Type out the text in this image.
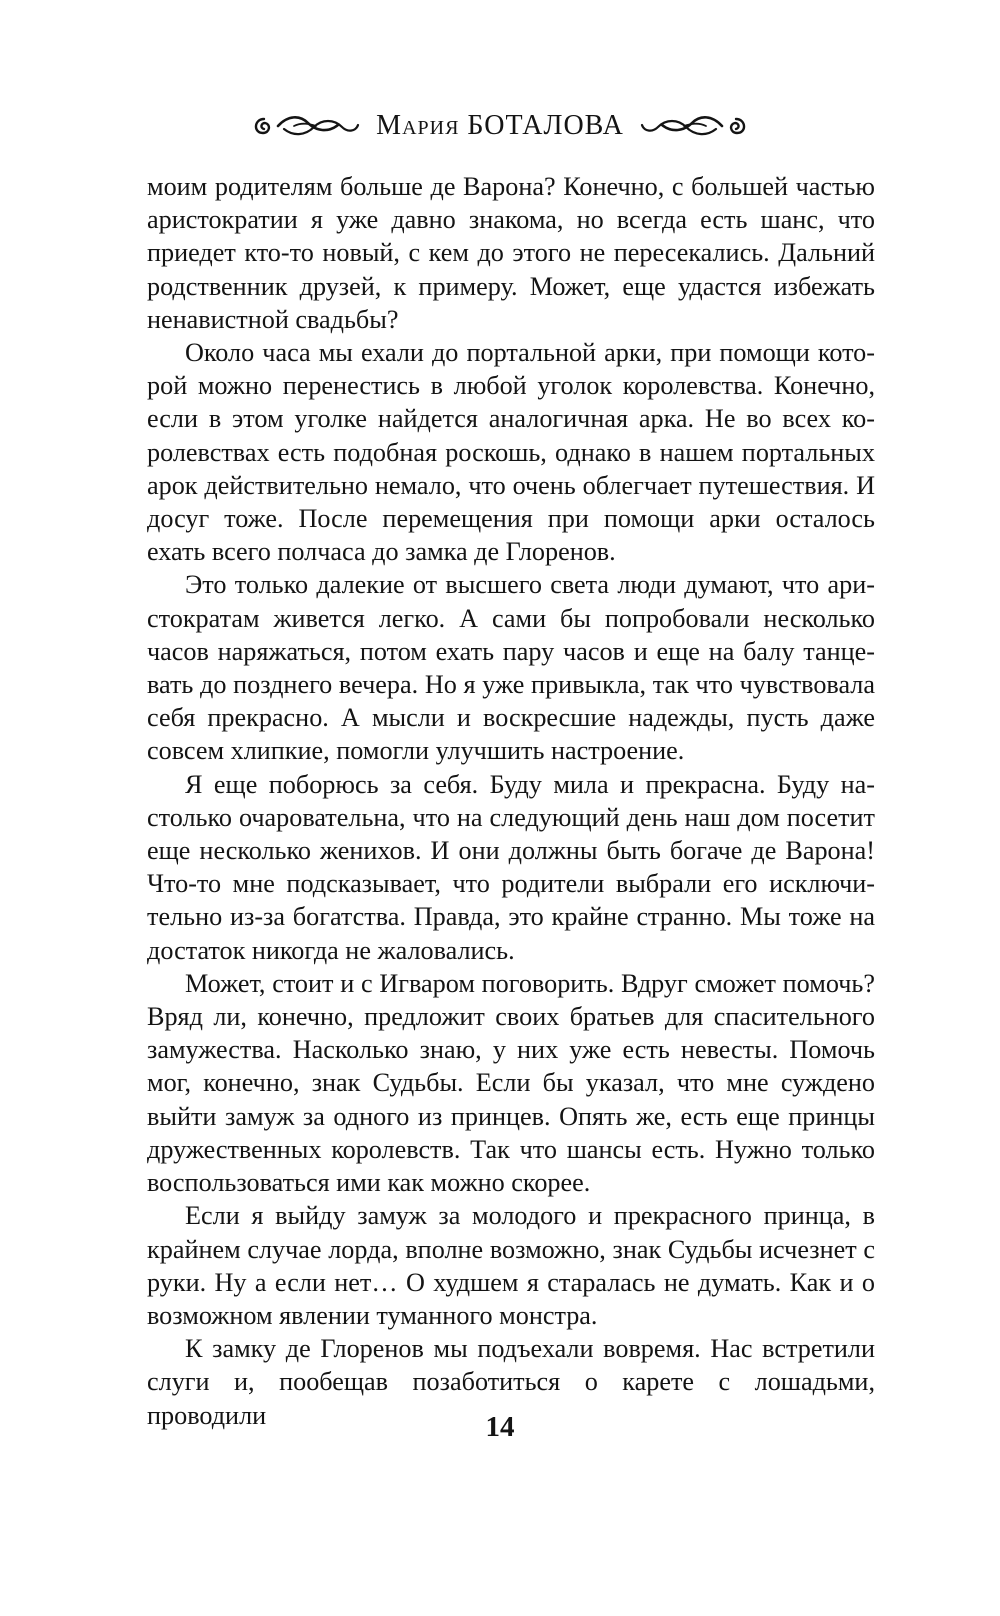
Мария БОТАЛОВА

моим родителям больше де Варона? Конечно, с большей частью аристократии я уже давно знакома, но всегда есть шанс, что приедет кто-то новый, с кем до этого не пересекались. Дальний родственник друзей, к примеру. Может, еще удастся избежать ненавистной свадьбы?

Около часа мы ехали до портальной арки, при помощи которой можно перенестись в любой уголок королевства. Конечно, если в этом уголке найдется аналогичная арка. Не во всех королевствах есть подобная роскошь, однако в нашем портальных арок действительно немало, что очень облегчает путешествия. И досуг тоже. После перемещения при помощи арки осталось ехать всего полчаса до замка де Глоренов.

Это только далекие от высшего света люди думают, что аристократам живется легко. А сами бы попробовали несколько часов наряжаться, потом ехать пару часов и еще на балу танцевать до позднего вечера. Но я уже привыкла, так что чувствовала себя прекрасно. А мысли и воскресшие надежды, пусть даже совсем хлипкие, помогли улучшить настроение.

Я еще поборюсь за себя. Буду мила и прекрасна. Буду настолько очаровательна, что на следующий день наш дом посетит еще несколько женихов. И они должны быть богаче де Варона! Что-то мне подсказывает, что родители выбрали его исключительно из-за богатства. Правда, это крайне странно. Мы тоже на достаток никогда не жаловались.

Может, стоит и с Игваром поговорить. Вдруг сможет помочь? Вряд ли, конечно, предложит своих братьев для спасительного замужества. Насколько знаю, у них уже есть невесты. Помочь мог, конечно, знак Судьбы. Если бы указал, что мне суждено выйти замуж за одного из принцев. Опять же, есть еще принцы дружественных королевств. Так что шансы есть. Нужно только воспользоваться ими как можно скорее.

Если я выйду замуж за молодого и прекрасного принца, в крайнем случае лорда, вполне возможно, знак Судьбы исчезнет с руки. Ну а если нет… О худшем я старалась не думать. Как и о возможном явлении туманного монстра.

К замку де Глоренов мы подъехали вовремя. Нас встретили слуги и, пообещав позаботиться о карете с лошадьми, проводили	14
